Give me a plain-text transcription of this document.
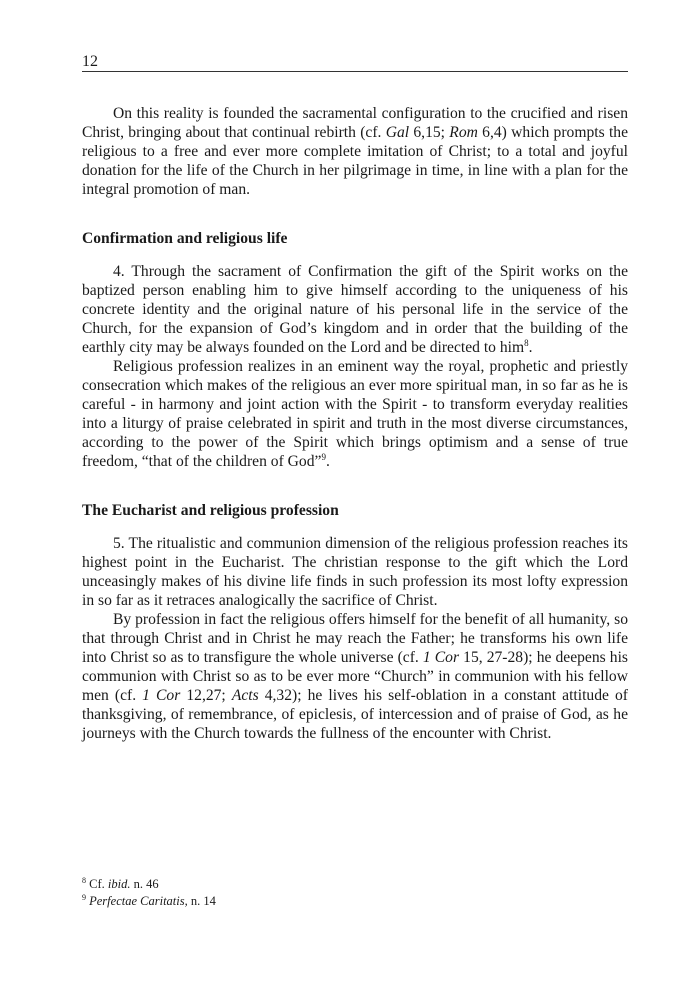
12

On this reality is founded the sacramental configuration to the crucified and risen Christ, bringing about that continual rebirth (cf. Gal 6,15; Rom 6,4) which prompts the religious to a free and ever more complete imitation of Christ; to a total and joyful donation for the life of the Church in her pilgrimage in time, in line with a plan for the integral promotion of man.

Confirmation and religious life

4. Through the sacrament of Confirmation the gift of the Spirit works on the baptized person enabling him to give himself according to the uniqueness of his concrete identity and the original nature of his personal life in the service of the Church, for the expansion of God’s kingdom and in order that the building of the earthly city may be always founded on the Lord and be directed to him$^8$.

Religious profession realizes in an eminent way the royal, prophetic and priestly consecration which makes of the religious an ever more spiritual man, in so far as he is careful - in harmony and joint action with the Spirit - to transform everyday realities into a liturgy of praise celebrated in spirit and truth in the most diverse circumstances, according to the power of the Spirit which brings optimism and a sense of true freedom, “that of the children of God”$^9$.

The Eucharist and religious profession

5. The ritualistic and communion dimension of the religious profession reaches its highest point in the Eucharist. The christian response to the gift which the Lord unceasingly makes of his divine life finds in such profession its most lofty expression in so far as it retraces analogically the sacrifice of Christ.

By profession in fact the religious offers himself for the benefit of all humanity, so that through Christ and in Christ he may reach the Father; he transforms his own life into Christ so as to transfigure the whole universe (cf. 1 Cor 15, 27-28); he deepens his communion with Christ so as to be ever more “Church” in communion with his fellow men (cf. 1 Cor 12,27; Acts 4,32); he lives his self-oblation in a constant attitude of thanksgiving, of remembrance, of epiclesis, of intercession and of praise of God, as he journeys with the Church towards the fullness of the encounter with Christ.

$^8$ Cf. ibid. n. 46
$^9$ Perfectae Caritatis, n. 14
